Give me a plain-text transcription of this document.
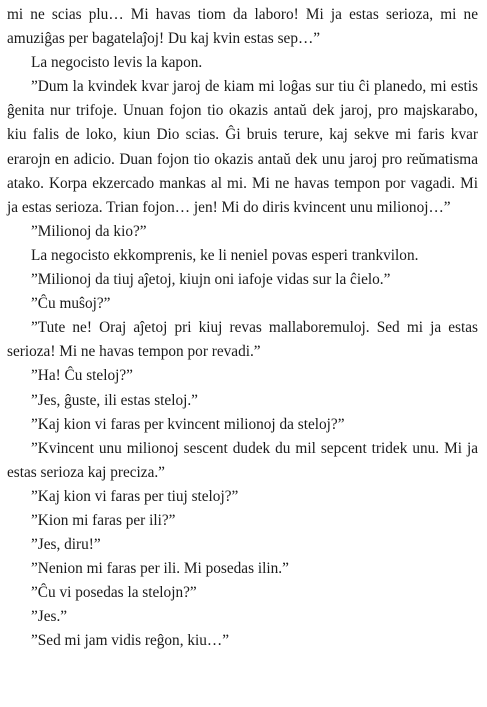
mi ne scias plu… Mi havas tiom da laboro! Mi ja estas serioza, mi ne amuziĝas per bagatelaĵoj! Du kaj kvin estas sep…”

La negocisto levis la kapon.

”Dum la kvindek kvar jaroj de kiam mi loĝas sur tiu ĉi planedo, mi estis ĝenita nur trifoje. Unuan fojon tio okazis antaŭ dek jaroj, pro majskarabo, kiu falis de loko, kiun Dio scias. Ĝi bruis terure, kaj sekve mi faris kvar erarojn en adicio. Duan fojon tio okazis antaŭ dek unu jaroj pro reŭmatisma atako. Korpa ekzercado mankas al mi. Mi ne havas tempon por vagadi. Mi ja estas serioza. Trian fojon… jen! Mi do diris kvincent unu milionoj…”

”Milionoj da kio?”

La negocisto ekkomprenis, ke li neniel povas esperi trankvilon.

”Milionoj da tiuj aĵetoj, kiujn oni iafoje vidas sur la ĉielo.”

”Ĉu muŝoj?”

”Tute ne! Oraj aĵetoj pri kiuj revas mallaboremuloj. Sed mi ja estas serioza! Mi ne havas tempon por revadi.”

”Ha! Ĉu steloj?”

”Jes, ĝuste, ili estas steloj.”

”Kaj kion vi faras per kvincent milionoj da steloj?”

”Kvincent unu milionoj sescent dudek du mil sepcent tridek unu. Mi ja estas serioza kaj preciza.”

”Kaj kion vi faras per tiuj steloj?”

”Kion mi faras per ili?”

”Jes, diru!”

”Nenion mi faras per ili. Mi posedas ilin.”

”Ĉu vi posedas la stelojn?”

”Jes.”

”Sed mi jam vidis reĝon, kiu…”
